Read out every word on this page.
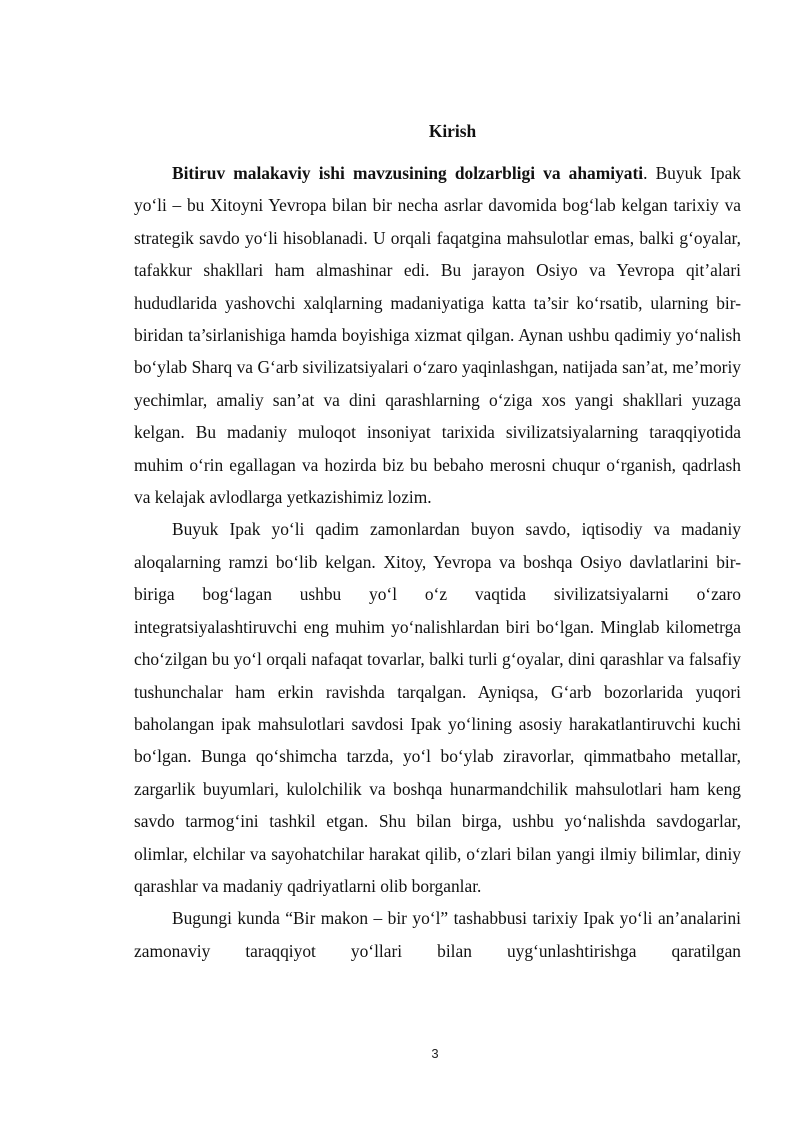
Kirish

Bitiruv malakaviy ishi mavzusining dolzarbligi va ahamiyati. Buyuk Ipak yo‘li – bu Xitoyni Yevropa bilan bir necha asrlar davomida bog‘lab kelgan tarixiy va strategik savdo yo‘li hisoblanadi. U orqali faqatgina mahsulotlar emas, balki g‘oyalar, tafakkur shakllari ham almashinar edi. Bu jarayon Osiyo va Yevropa qit’alari hududlarida yashovchi xalqlarning madaniyatiga katta ta’sir ko‘rsatib, ularning bir-biridan ta’sirlanishiga hamda boyishiga xizmat qilgan. Aynan ushbu qadimiy yo‘nalish bo‘ylab Sharq va G‘arb sivilizatsiyalari o‘zaro yaqinlashgan, natijada san’at, me’moriy yechimlar, amaliy san’at va dini qarashlarning o‘ziga xos yangi shakllari yuzaga kelgan. Bu madaniy muloqot insoniyat tarixida sivilizatsiyalarning taraqqiyotida muhim o‘rin egallagan va hozirda biz bu bebaho merosni chuqur o‘rganish, qadrlash va kelajak avlodlarga yetkazishimiz lozim.

Buyuk Ipak yo‘li qadim zamonlardan buyon savdo, iqtisodiy va madaniy aloqalarning ramzi bo‘lib kelgan. Xitoy, Yevropa va boshqa Osiyo davlatlarini bir-biriga bog‘lagan ushbu yo‘l o‘z vaqtida sivilizatsiyalarni o‘zaro integratsiyalashtiruvchi eng muhim yo‘nalishlardan biri bo‘lgan. Minglab kilometrga cho‘zilgan bu yo‘l orqali nafaqat tovarlar, balki turli g‘oyalar, dini qarashlar va falsafiy tushunchalar ham erkin ravishda tarqalgan. Ayniqsa, G‘arb bozorlarida yuqori baholangan ipak mahsulotlari savdosi Ipak yo‘lining asosiy harakatlantiruvchi kuchi bo‘lgan. Bunga qo‘shimcha tarzda, yo‘l bo‘ylab ziravorlar, qimmatbaho metallar, zargarlik buyumlari, kulolchilik va boshqa hunarmandchilik mahsulotlari ham keng savdo tarmog‘ini tashkil etgan. Shu bilan birga, ushbu yo‘nalishda savdogarlar, olimlar, elchilar va sayohatchilar harakat qilib, o‘zlari bilan yangi ilmiy bilimlar, diniy qarashlar va madaniy qadriyatlarni olib borganlar.

Bugungi kunda “Bir makon – bir yo‘l” tashabbusi tarixiy Ipak yo‘li an’analarini zamonaviy taraqqiyot yo‘llari bilan uyg‘unlashtirishga qaratilgan

3
